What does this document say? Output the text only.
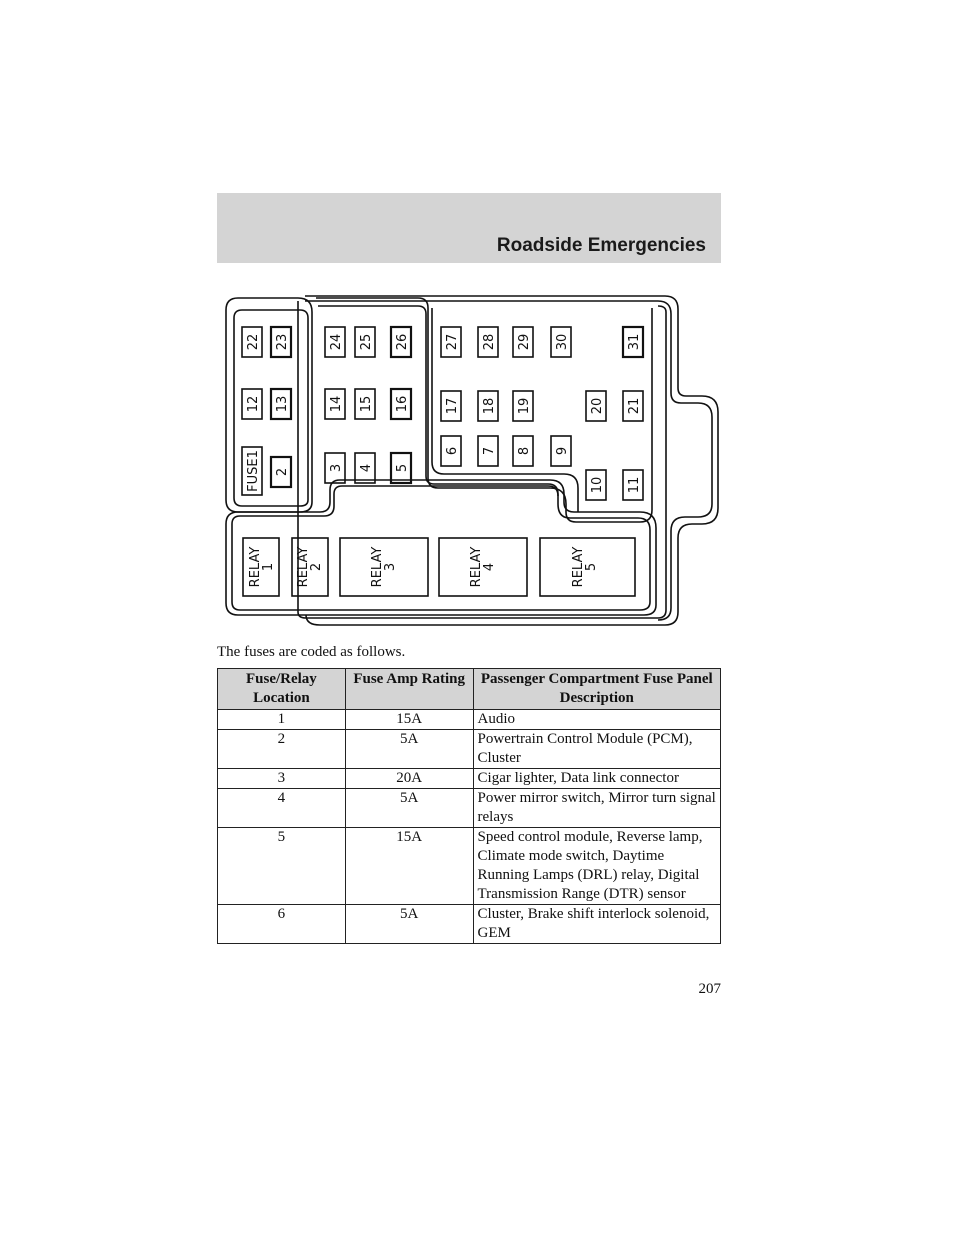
Roadside Emergencies
22 23
12 13
FUSE1 2
24 25 26
14 15 16
3 4 5
27 28 29 30	31
17 18 19	20 21
6 7 8 9
10 11
RELAY
1 RELAY
2	RELAY
3	RELAY
4	RELAY
5
The fuses are coded as follows.
Fuse/Relay Location	Fuse Amp Rating	Passenger Compartment Fuse Panel Description
1	15A	Audio
2	5A	Powertrain Control Module (PCM), Cluster
3	20A	Cigar lighter, Data link connector
4	5A	Power mirror switch, Mirror turn signal relays
5	15A	Speed control module, Reverse lamp, Climate mode switch, Daytime Running Lamps (DRL) relay, Digital Transmission Range (DTR) sensor
6	5A	Cluster, Brake shift interlock solenoid, GEM
207
